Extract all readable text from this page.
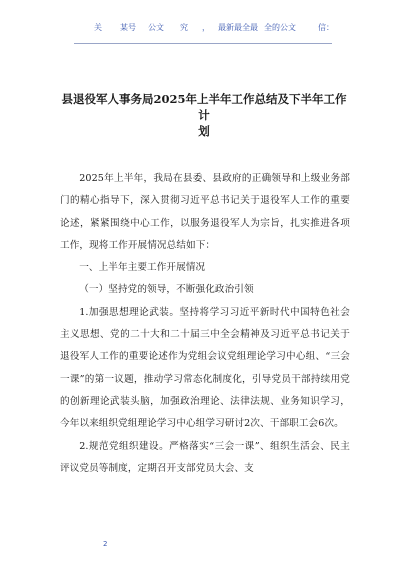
关 某号 公文 究 ， 最新最全最 全的公文	信：
县退役军人事务局2025年上半年工作总结及下半年工作计
划

2025年上半年，我局在县委、县政府的正确领导和上级业务部门的精心指导下，深入贯彻习近平总书记关于退役军人工作的重要论述，紧紧围绕中心工作，以服务退役军人为宗旨，扎实推进各项工作，现将工作开展情况总结如下：

一、上半年主要工作开展情况

（一）坚持党的领导，不断强化政治引领

1.加强思想理论武装。坚持将学习习近平新时代中国特色社会主义思想、党的二十大和二十届三中全会精神及习近平总书记关于退役军人工作的重要论述作为党组会议党组理论学习中心组、“三会一课”的第一议题，推动学习常态化制度化，引导党员干部持续用党的创新理论武装头脑，加强政治理论、法律法规、业务知识学习，今年以来组织党组理论学习中心组学习研讨2次、干部职工会6次。

2.规范党组织建设。严格落实“三会一课”、组织生活会、民主评议党员等制度，定期召开支部党员大会、支

2
